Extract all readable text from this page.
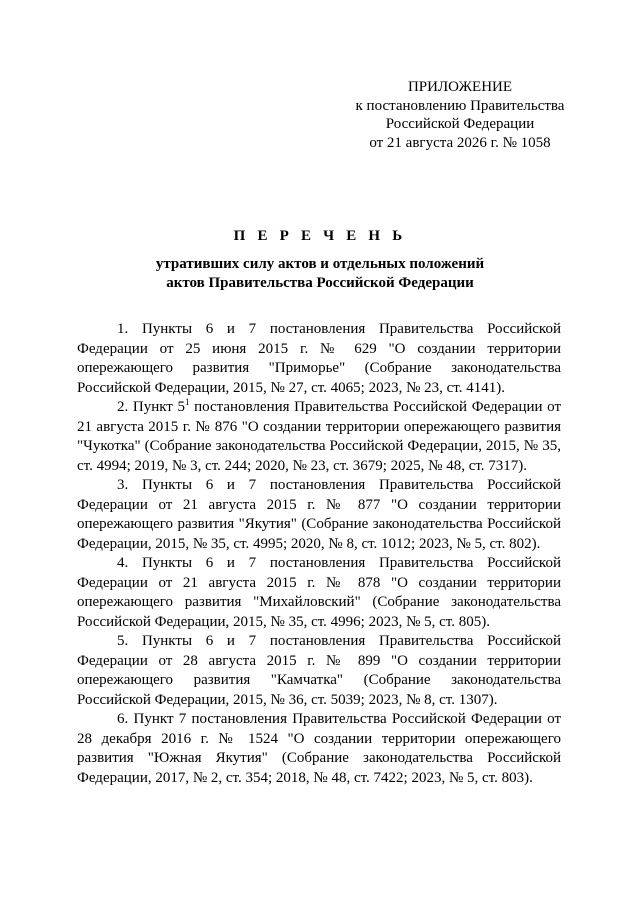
ПРИЛОЖЕНИЕ
к постановлению Правительства
Российской Федерации
от 21 августа 2026 г. № 1058
П Е Р Е Ч Е Н Ь
утративших силу актов и отдельных положений
актов Правительства Российской Федерации

1. Пункты 6 и 7 постановления Правительства Российской Федерации от 25 июня 2015 г. № 629 "О создании территории опережающего развития "Приморье" (Собрание законодательства Российской Федерации, 2015, № 27, ст. 4065; 2023, № 23, ст. 4141).

2. Пункт $5^1$ постановления Правительства Российской Федерации от 21 августа 2015 г. № 876 "О создании территории опережающего развития "Чукотка" (Собрание законодательства Российской Федерации, 2015, № 35, ст. 4994; 2019, № 3, ст. 244; 2020, № 23, ст. 3679; 2025, № 48, ст. 7317).

3. Пункты 6 и 7 постановления Правительства Российской Федерации от 21 августа 2015 г. № 877 "О создании территории опережающего развития "Якутия" (Собрание законодательства Российской Федерации, 2015, № 35, ст. 4995; 2020, № 8, ст. 1012; 2023, № 5, ст. 802).

4. Пункты 6 и 7 постановления Правительства Российской Федерации от 21 августа 2015 г. № 878 "О создании территории опережающего развития "Михайловский" (Собрание законодательства Российской Федерации, 2015, № 35, ст. 4996; 2023, № 5, ст. 805).

5. Пункты 6 и 7 постановления Правительства Российской Федерации от 28 августа 2015 г. № 899 "О создании территории опережающего развития "Камчатка" (Собрание законодательства Российской Федерации, 2015, № 36, ст. 5039; 2023, № 8, ст. 1307).

6. Пункт 7 постановления Правительства Российской Федерации от 28 декабря 2016 г. № 1524 "О создании территории опережающего развития "Южная Якутия" (Собрание законодательства Российской Федерации, 2017, № 2, ст. 354; 2018, № 48, ст. 7422; 2023, № 5, ст. 803).
